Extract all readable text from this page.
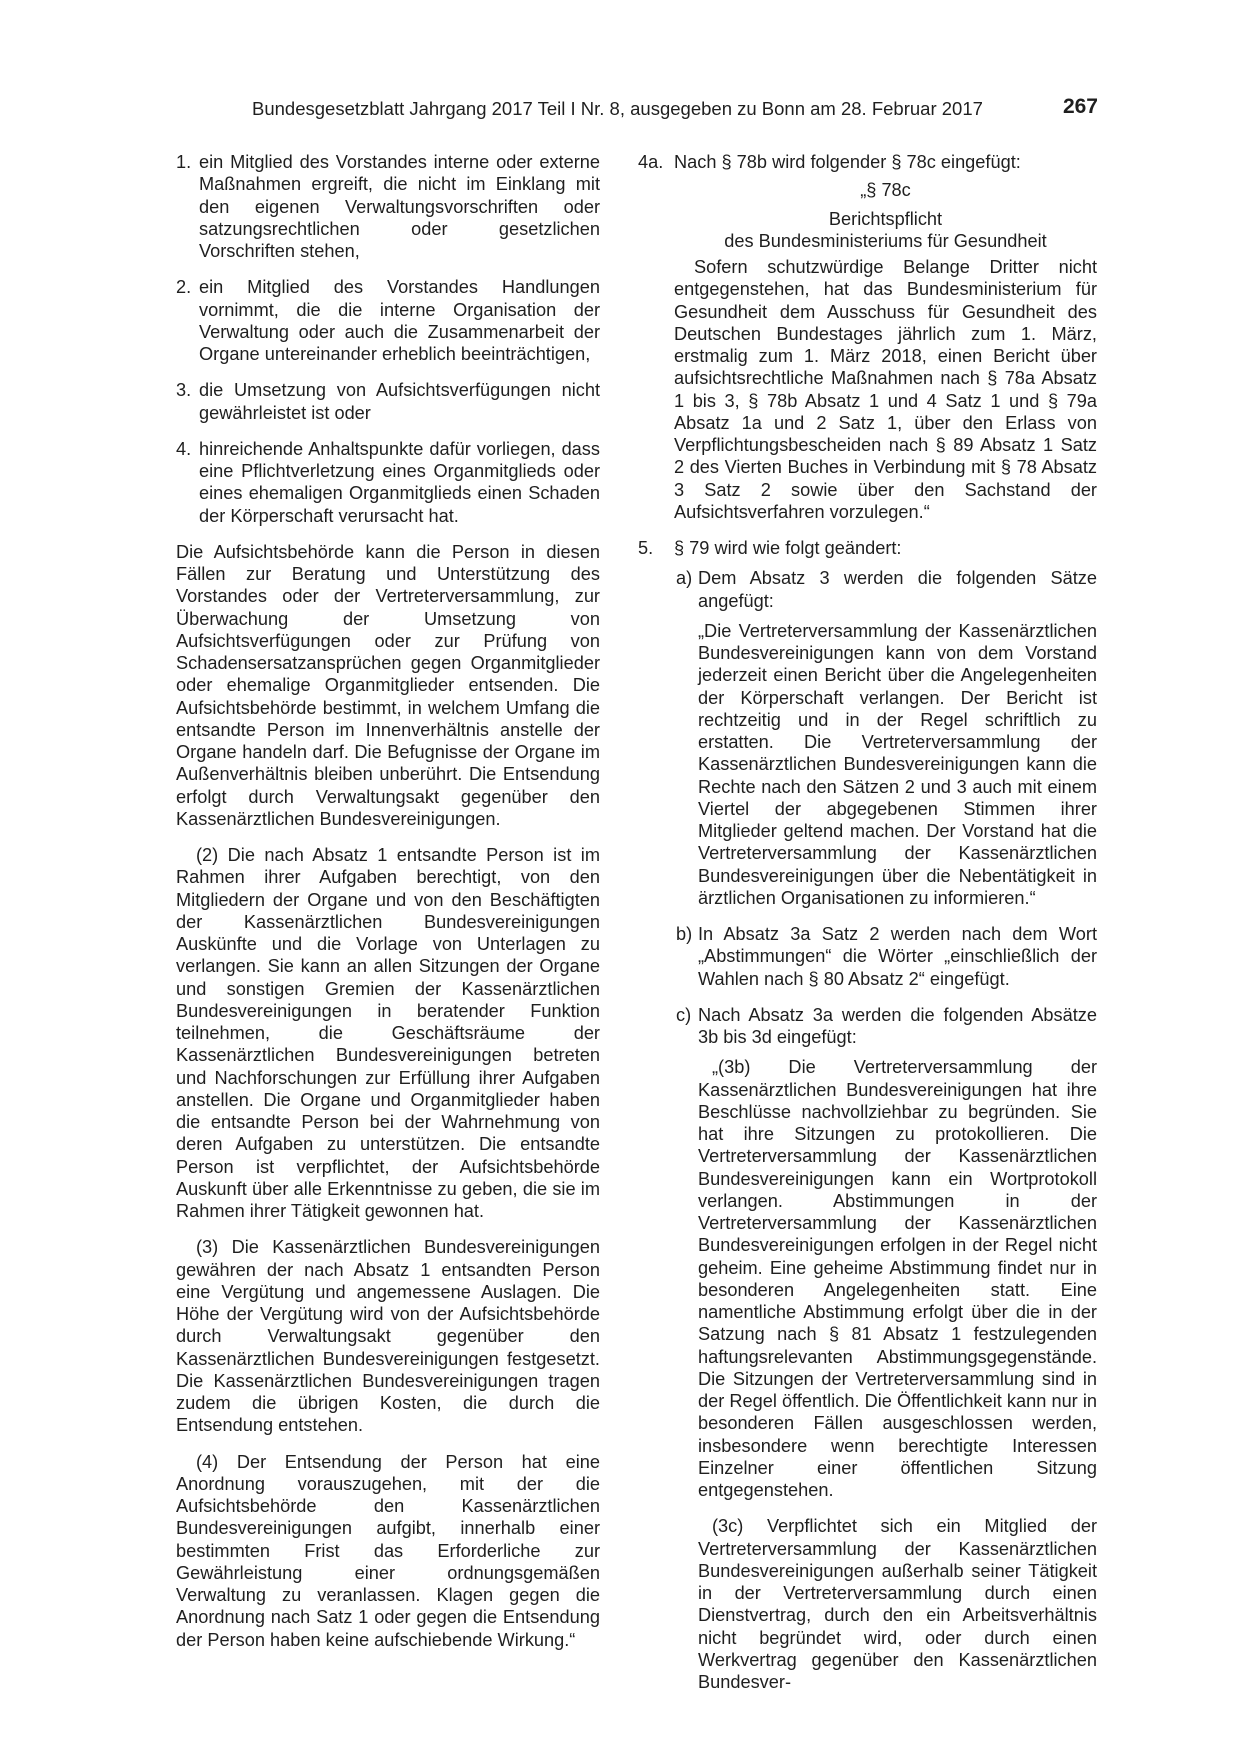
Bundesgesetzblatt Jahrgang 2017 Teil I Nr. 8, ausgegeben zu Bonn am 28. Februar 2017	267
1. ein Mitglied des Vorstandes interne oder externe Maßnahmen ergreift, die nicht im Einklang mit den eigenen Verwaltungsvorschriften oder satzungsrechtlichen oder gesetzlichen Vorschriften stehen,
2. ein Mitglied des Vorstandes Handlungen vornimmt, die die interne Organisation der Verwaltung oder auch die Zusammenarbeit der Organe untereinander erheblich beeinträchtigen,
3. die Umsetzung von Aufsichtsverfügungen nicht gewährleistet ist oder
4. hinreichende Anhaltspunkte dafür vorliegen, dass eine Pflichtverletzung eines Organmitglieds oder eines ehemaligen Organmitglieds einen Schaden der Körperschaft verursacht hat.

Die Aufsichtsbehörde kann die Person in diesen Fällen zur Beratung und Unterstützung des Vorstandes oder der Vertreterversammlung, zur Überwachung der Umsetzung von Aufsichtsverfügungen oder zur Prüfung von Schadensersatzansprüchen gegen Organmitglieder oder ehemalige Organmitglieder entsenden. Die Aufsichtsbehörde bestimmt, in welchem Umfang die entsandte Person im Innenverhältnis anstelle der Organe handeln darf. Die Befugnisse der Organe im Außenverhältnis bleiben unberührt. Die Entsendung erfolgt durch Verwaltungsakt gegenüber den Kassenärztlichen Bundesvereinigungen.

(2) Die nach Absatz 1 entsandte Person ist im Rahmen ihrer Aufgaben berechtigt, von den Mitgliedern der Organe und von den Beschäftigten der Kassenärztlichen Bundesvereinigungen Auskünfte und die Vorlage von Unterlagen zu verlangen. Sie kann an allen Sitzungen der Organe und sonstigen Gremien der Kassenärztlichen Bundesvereinigungen in beratender Funktion teilnehmen, die Geschäftsräume der Kassenärztlichen Bundesvereinigungen betreten und Nachforschungen zur Erfüllung ihrer Aufgaben anstellen. Die Organe und Organmitglieder haben die entsandte Person bei der Wahrnehmung von deren Aufgaben zu unterstützen. Die entsandte Person ist verpflichtet, der Aufsichtsbehörde Auskunft über alle Erkenntnisse zu geben, die sie im Rahmen ihrer Tätigkeit gewonnen hat.

(3) Die Kassenärztlichen Bundesvereinigungen gewähren der nach Absatz 1 entsandten Person eine Vergütung und angemessene Auslagen. Die Höhe der Vergütung wird von der Aufsichtsbehörde durch Verwaltungsakt gegenüber den Kassenärztlichen Bundesvereinigungen festgesetzt. Die Kassenärztlichen Bundesvereinigungen tragen zudem die übrigen Kosten, die durch die Entsendung entstehen.

(4) Der Entsendung der Person hat eine Anordnung vorauszugehen, mit der die Aufsichtsbehörde den Kassenärztlichen Bundesvereinigungen aufgibt, innerhalb einer bestimmten Frist das Erforderliche zur Gewährleistung einer ordnungsgemäßen Verwaltung zu veranlassen. Klagen gegen die Anordnung nach Satz 1 oder gegen die Entsendung der Person haben keine aufschiebende Wirkung.“

4a. Nach § 78b wird folgender § 78c eingefügt:

„§ 78c

Berichtspflicht

des Bundesministeriums für Gesundheit

Sofern schutzwürdige Belange Dritter nicht entgegenstehen, hat das Bundesministerium für Gesundheit dem Ausschuss für Gesundheit des Deutschen Bundestages jährlich zum 1. März, erstmalig zum 1. März 2018, einen Bericht über aufsichtsrechtliche Maßnahmen nach § 78a Absatz 1 bis 3, § 78b Absatz 1 und 4 Satz 1 und § 79a Absatz 1a und 2 Satz 1, über den Erlass von Verpflichtungsbescheiden nach § 89 Absatz 1 Satz 2 des Vierten Buches in Verbindung mit § 78 Absatz 3 Satz 2 sowie über den Sachstand der Aufsichtsverfahren vorzulegen.“

5.	§ 79 wird wie folgt geändert:

a) Dem Absatz 3 werden die folgenden Sätze angefügt:

„Die Vertreterversammlung der Kassenärztlichen Bundesvereinigungen kann von dem Vorstand jederzeit einen Bericht über die Angelegenheiten der Körperschaft verlangen. Der Bericht ist rechtzeitig und in der Regel schriftlich zu erstatten. Die Vertreterversammlung der Kassenärztlichen Bundesvereinigungen kann die Rechte nach den Sätzen 2 und 3 auch mit einem Viertel der abgegebenen Stimmen ihrer Mitglieder geltend machen. Der Vorstand hat die Vertreterversammlung der Kassenärztlichen Bundesvereinigungen über die Nebentätigkeit in ärztlichen Organisationen zu informieren.“

b) In Absatz 3a Satz 2 werden nach dem Wort „Abstimmungen“ die Wörter „einschließlich der Wahlen nach § 80 Absatz 2“ eingefügt.

c) Nach Absatz 3a werden die folgenden Absätze 3b bis 3d eingefügt:

„(3b) Die Vertreterversammlung der Kassenärztlichen Bundesvereinigungen hat ihre Beschlüsse nachvollziehbar zu begründen. Sie hat ihre Sitzungen zu protokollieren. Die Vertreterversammlung der Kassenärztlichen Bundesvereinigungen kann ein Wortprotokoll verlangen. Abstimmungen in der Vertreterversammlung der Kassenärztlichen Bundesvereinigungen erfolgen in der Regel nicht geheim. Eine geheime Abstimmung findet nur in besonderen Angelegenheiten statt. Eine namentliche Abstimmung erfolgt über die in der Satzung nach § 81 Absatz 1 festzulegenden haftungsrelevanten Abstimmungsgegenstände. Die Sitzungen der Vertreterversammlung sind in der Regel öffentlich. Die Öffentlichkeit kann nur in besonderen Fällen ausgeschlossen werden, insbesondere wenn berechtigte Interessen Einzelner einer öffentlichen Sitzung entgegenstehen.

(3c) Verpflichtet sich ein Mitglied der Vertreterversammlung der Kassenärztlichen Bundesvereinigungen außerhalb seiner Tätigkeit in der Vertreterversammlung durch einen Dienstvertrag, durch den ein Arbeitsverhältnis nicht begründet wird, oder durch einen Werkvertrag gegenüber den Kassenärztlichen Bundesver-
